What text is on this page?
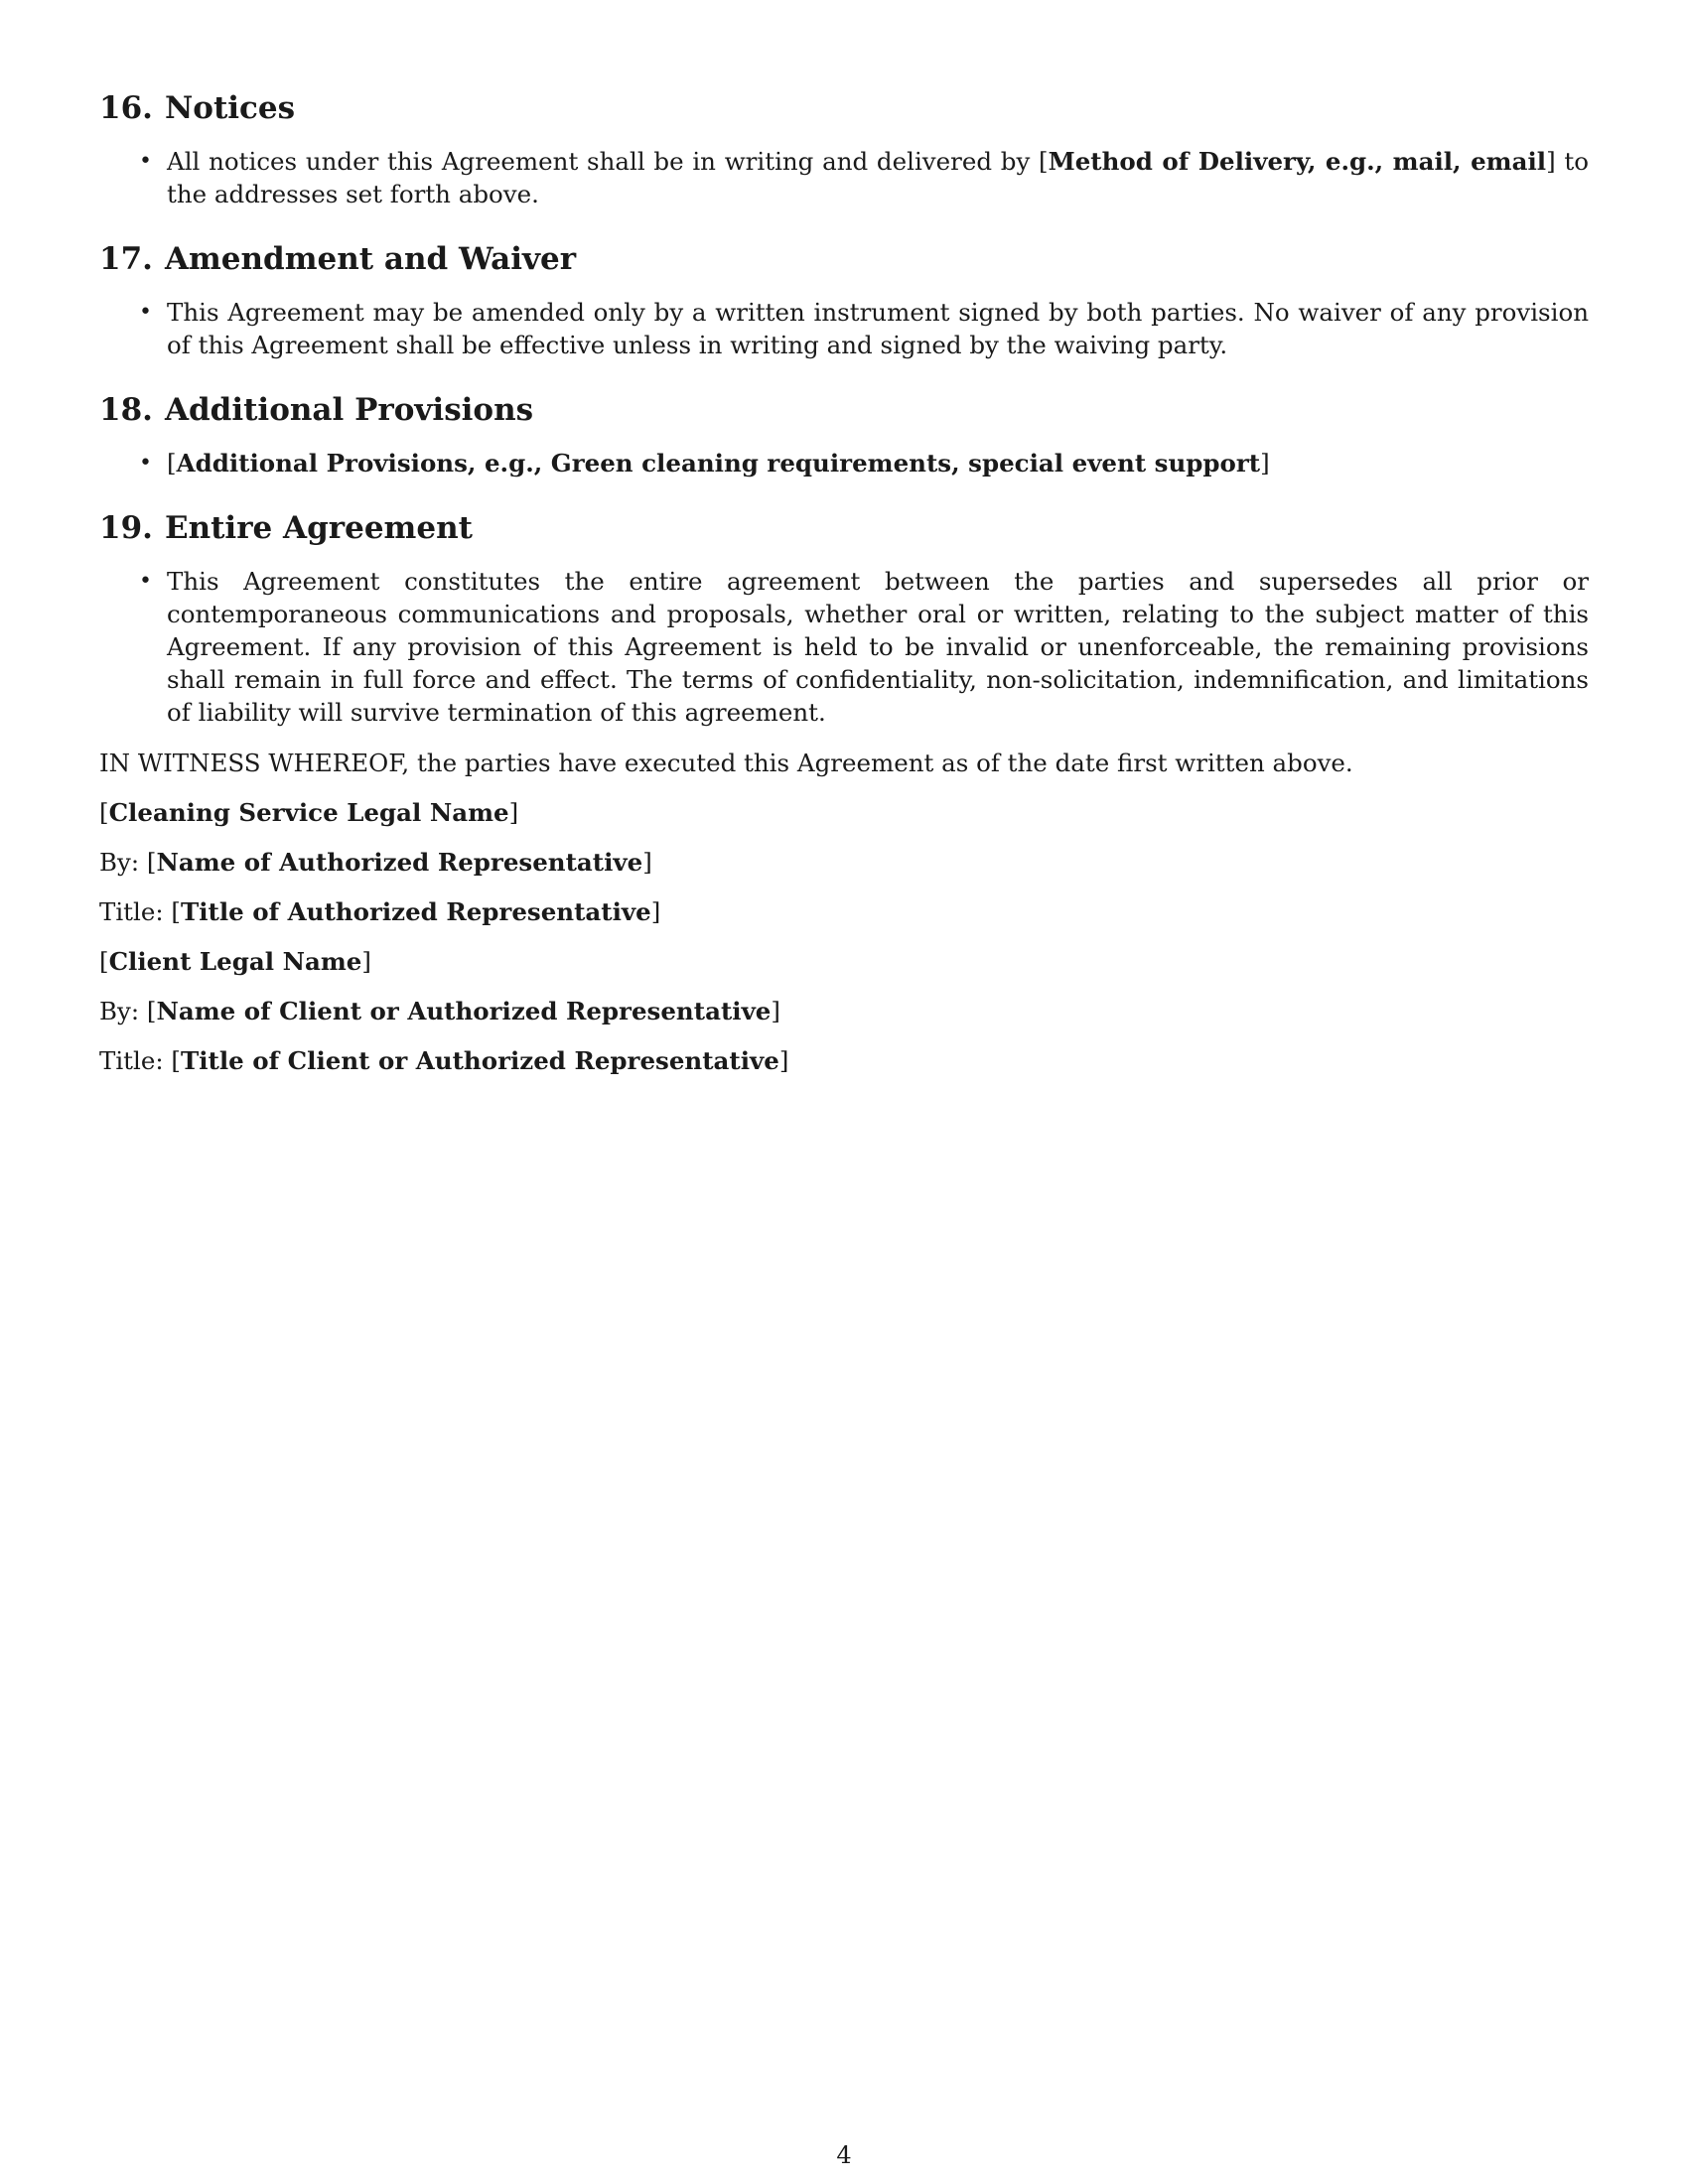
16. Notices
• All notices under this Agreement shall be in writing and delivered by [Method of Delivery, e.g., mail, email] to the addresses set forth above.
17. Amendment and Waiver
• This Agreement may be amended only by a written instrument signed by both parties. No waiver of any provision of this Agreement shall be effective unless in writing and signed by the waiving party.
18. Additional Provisions
• [Additional Provisions, e.g., Green cleaning requirements, special event support]
19. Entire Agreement
• This Agreement constitutes the entire agreement between the parties and supersedes all prior or contemporaneous communications and proposals, whether oral or written, relating to the subject matter of this Agreement. If any provision of this Agreement is held to be invalid or unenforceable, the remaining provisions shall remain in full force and effect. The terms of confidentiality, non-solicitation, indemnification, and limitations of liability will survive termination of this agreement.

IN WITNESS WHEREOF, the parties have executed this Agreement as of the date first written above.

[Cleaning Service Legal Name]

By: [Name of Authorized Representative]

Title: [Title of Authorized Representative]

[Client Legal Name]

By: [Name of Client or Authorized Representative]

Title: [Title of Client or Authorized Representative]

4
